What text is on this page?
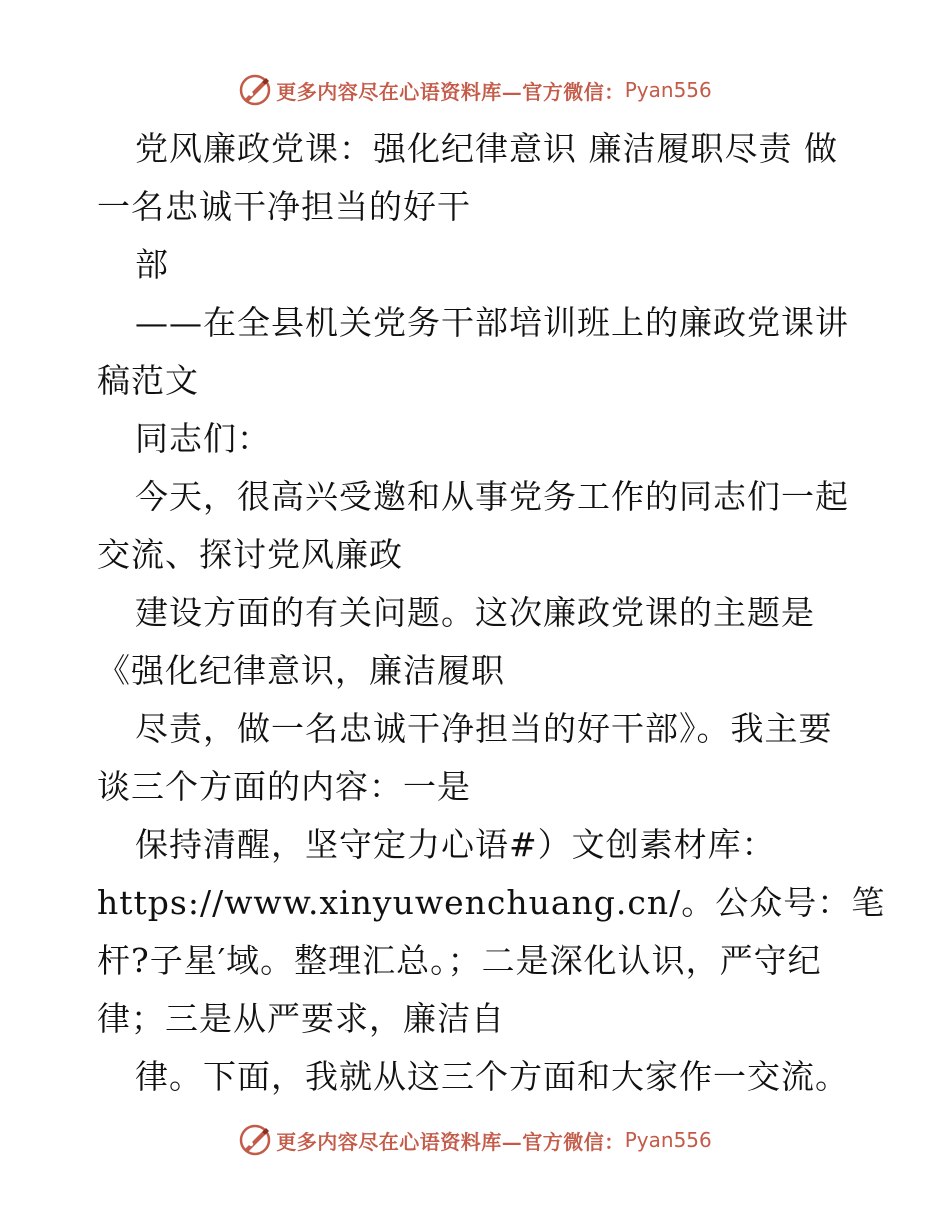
更多内容尽在心语资料库—官方微信： Pyan556
党风廉政党课：强化纪律意识 廉洁履职尽责 做
一名忠诚干净担当的好干
部
——在全县机关党务干部培训班上的廉政党课讲
稿范文
同志们：
今天，很高兴受邀和从事党务工作的同志们一起
交流、探讨党风廉政
建设方面的有关问题。这次廉政党课的主题是
《强化纪律意识，廉洁履职
尽责，做一名忠诚干净担当的好干部》。我主要
谈三个方面的内容：一是
保持清醒，坚守定力心语#）文创素材库：
https://www.xinyuwenchuang.cn/。公众号：笔
杆?子星′域。整理汇总。；二是深化认识，严守纪
律；三是从严要求，廉洁自
律。下面，我就从这三个方面和大家作一交流。
更多内容尽在心语资料库—官方微信： Pyan556
